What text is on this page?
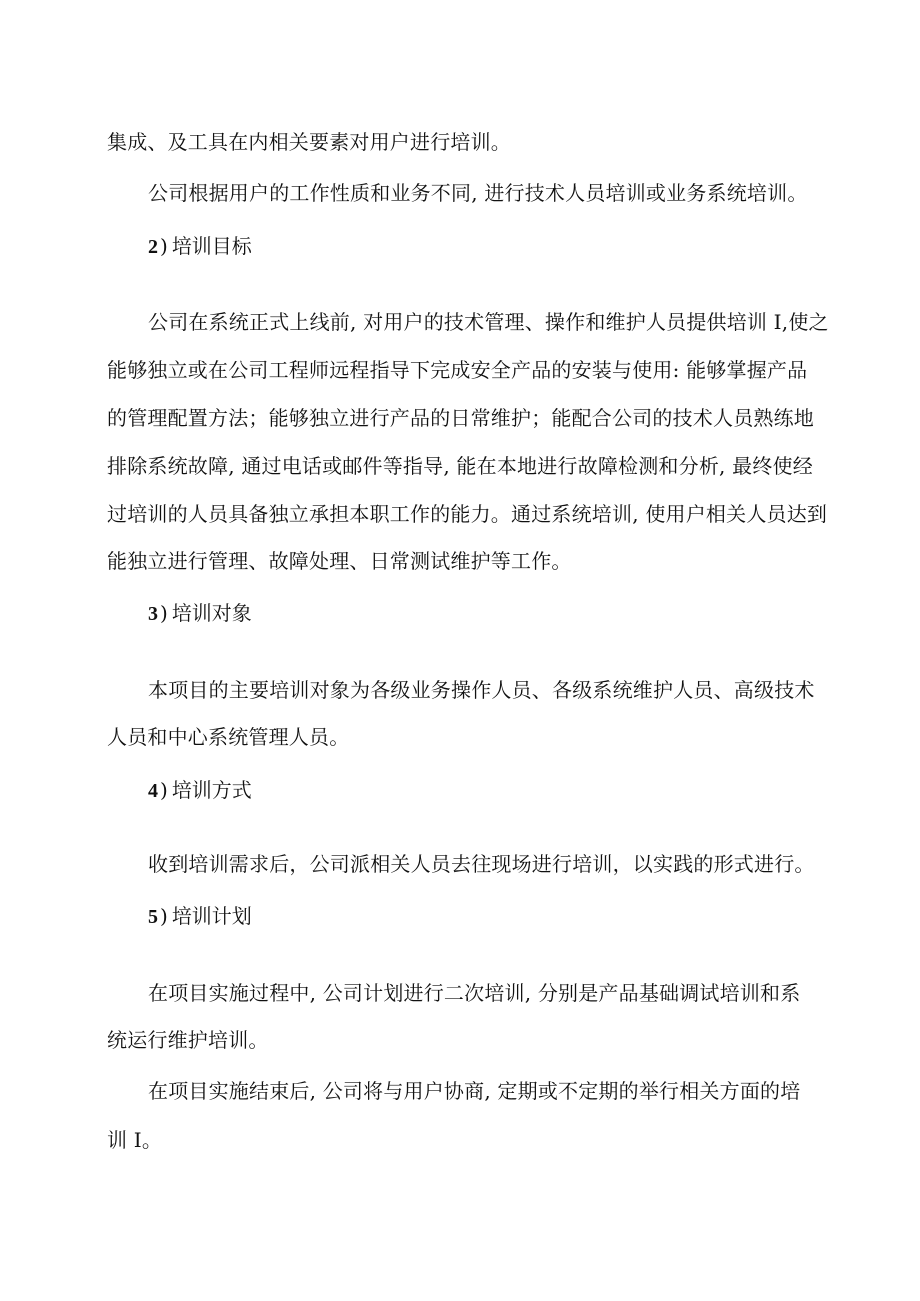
集成、及工具在内相关要素对用户进行培训。

公司根据用户的工作性质和业务不同, 进行技术人员培训或业务系统培训。

2 ) 培训目标

公司在系统正式上线前, 对用户的技术管理、操作和维护人员提供培训 I,使之

能够独立或在公司工程师远程指导下完成安全产品的安装与使用: 能够掌握产品

的管理配置方法；能够独立进行产品的日常维护；能配合公司的技术人员熟练地

排除系统故障, 通过电话或邮件等指导, 能在本地进行故障检测和分析, 最终使经

过培训的人员具备独立承担本职工作的能力。通过系统培训, 使用户相关人员达到

能独立进行管理、故障处理、日常测试维护等工作。

3 ) 培训对象

本项目的主要培训对象为各级业务操作人员、各级系统维护人员、高级技术

人员和中心系统管理人员。

4 ) 培训方式

收到培训需求后，公司派相关人员去往现场进行培训，以实践的形式进行。

5 ) 培训计划

在项目实施过程中, 公司计划进行二次培训, 分别是产品基础调试培训和系

统运行维护培训。

在项目实施结束后, 公司将与用户协商, 定期或不定期的举行相关方面的培

训 I。
